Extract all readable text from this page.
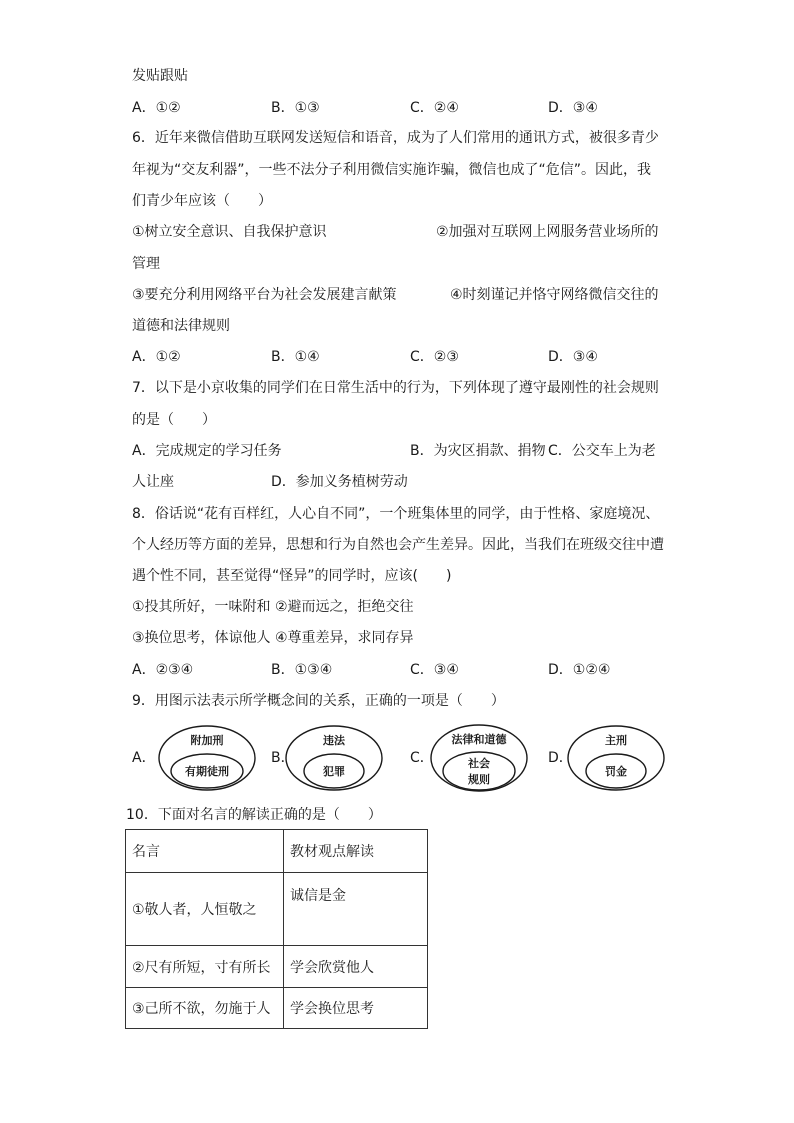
发贴跟贴
A．①②	B．①③	C．②④	D．③④
6．近年来微信借助互联网发送短信和语音，成为了人们常用的通讯方式，被很多青少
年视为“交友利器”，一些不法分子利用微信实施诈骗，微信也成了“危信”。因此，我
们青少年应该（　　）
①树立安全意识、自我保护意识	②加强对互联网上网服务营业场所的
管理
③要充分利用网络平台为社会发展建言献策	④时刻谨记并恪守网络微信交往的
道德和法律规则
A．①②	B．①④	C．②③	D．③④
7．以下是小京收集的同学们在日常生活中的行为，下列体现了遵守最刚性的社会规则
的是（　　）
A．完成规定的学习任务	B．为灾区捐款、捐物 C．公交车上为老
人让座	D．参加义务植树劳动
8．俗话说“花有百样红，人心自不同”，一个班集体里的同学，由于性格、家庭境况、
个人经历等方面的差异，思想和行为自然也会产生差异。因此，当我们在班级交往中遭
遇个性不同，甚至觉得“怪异”的同学时，应该(　　)
①投其所好，一味附和 ②避而远之，拒绝交往
③换位思考，体谅他人 ④尊重差异，求同存异
A．②③④	B．①③④	C．③④	D．①②④
9．用图示法表示所学概念间的关系，正确的一项是（　　）
A．
附加刑
有期徒刑
B．
违法
犯罪
C．
法律和道德
社会
规则
D．
主刑
罚金
10．下面对名言的解读正确的是（　　）
名言	教材观点解读
①敬人者，人恒敬之	诚信是金
②尺有所短，寸有所长	学会欣赏他人
③己所不欲，勿施于人	学会换位思考
